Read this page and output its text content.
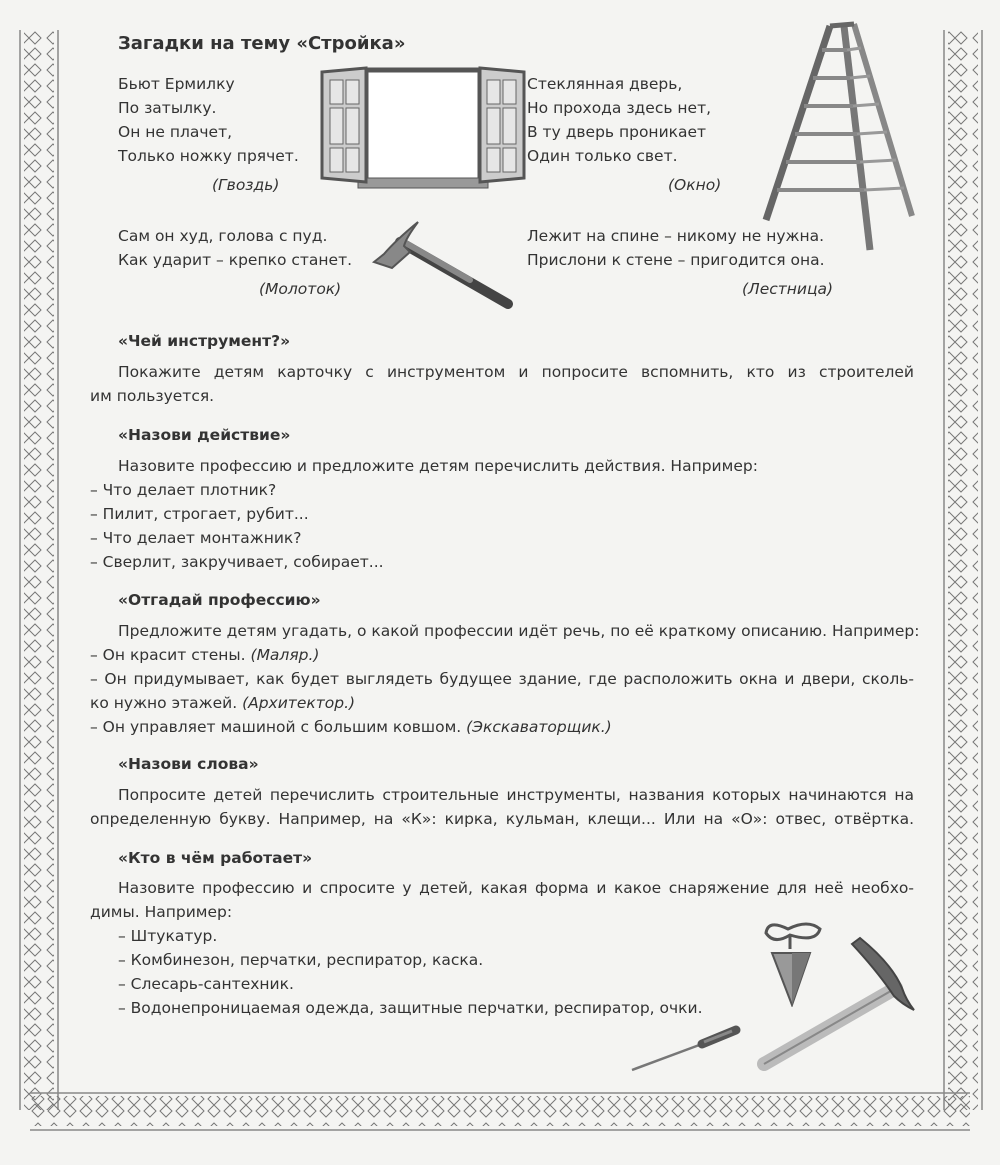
Загадки на тему «Стройка»
Бьют Ермилку
По затылку.
Он не плачет,
Только ножку прячет.
(Гвоздь)
Стеклянная дверь,
Но прохода здесь нет,
В ту дверь проникает
Один только свет.
(Окно)
Сам он худ, голова с пуд.
Как ударит – крепко станет.
(Молоток)
Лежит на спине – никому не нужна.
Прислони к стене – пригодится она.
(Лестница)
«Чей инструмент?»
Покажите детям карточку с инструментом и попросите вспомнить, кто из строителей
им пользуется.
«Назови действие»
Назовите профессию и предложите детям перечислить действия. Например:
– Что делает плотник?
– Пилит, строгает, рубит...
– Что делает монтажник?
– Сверлит, закручивает, собирает...
«Отгадай профессию»
Предложите детям угадать, о какой профессии идёт речь, по её краткому описанию. Например:
– Он красит стены. (Маляр.)
– Он придумывает, как будет выглядеть будущее здание, где расположить окна и двери, сколь-
ко нужно этажей. (Архитектор.)
– Он управляет машиной с большим ковшом. (Экскаваторщик.)
«Назови слова»
Попросите детей перечислить строительные инструменты, названия которых начинаются на
определенную букву. Например, на «К»: кирка, кульман, клещи... Или на «О»: отвес, отвёртка.
«Кто в чём работает»
Назовите профессию и спросите у детей, какая форма и какое снаряжение для неё необхо-
димы. Например:
– Штукатур.
– Комбинезон, перчатки, респиратор, каска.
– Слесарь-сантехник.
– Водонепроницаемая одежда, защитные перчатки, респиратор, очки.
